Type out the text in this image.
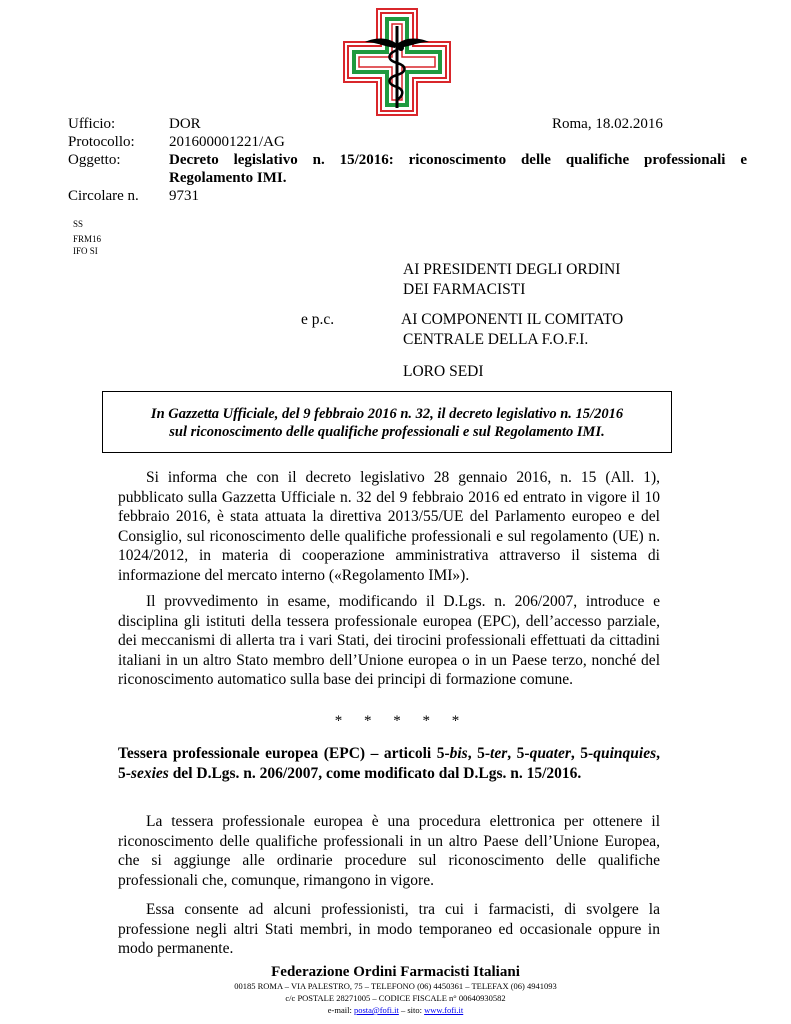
Ufficio:	DOR	Roma, 18.02.2016
Protocollo: 201600001221/AG
Oggetto:	Decreto legislativo n. 15/2016: riconoscimento delle qualifiche professionali e
Regolamento IMI.
Circolare n. 9731
SS
FRM16
IFO SI
AI PRESIDENTI DEGLI ORDINI
DEI FARMACISTI
e p.c.	AI COMPONENTI IL COMITATO
CENTRALE DELLA F.O.F.I.
LORO SEDI
In Gazzetta Ufficiale, del 9 febbraio 2016 n. 32, il decreto legislativo n. 15/2016
sul riconoscimento delle qualifiche professionali e sul Regolamento IMI.
Si informa che con il decreto legislativo 28 gennaio 2016, n. 15 (All. 1), pubblicato sulla Gazzetta Ufficiale n. 32 del 9 febbraio 2016 ed entrato in vigore il 10 febbraio 2016, è stata attuata la direttiva 2013/55/UE del Parlamento europeo e del Consiglio, sul riconoscimento delle qualifiche professionali e sul regolamento (UE) n. 1024/2012, in materia di cooperazione amministrativa attraverso il sistema di informazione del mercato interno («Regolamento IMI»).
Il provvedimento in esame, modificando il D.Lgs. n. 206/2007, introduce e disciplina gli istituti della tessera professionale europea (EPC), dell’accesso parziale, dei meccanismi di allerta tra i vari Stati, dei tirocini professionali effettuati da cittadini italiani in un altro Stato membro dell’Unione europea o in un Paese terzo, nonché del riconoscimento automatico sulla base dei principi di formazione comune.
* * * * *
Tessera professionale europea (EPC) – articoli 5-bis, 5-ter, 5-quater, 5-quinquies, 5-sexies del D.Lgs. n. 206/2007, come modificato dal D.Lgs. n. 15/2016.
La tessera professionale europea è una procedura elettronica per ottenere il riconoscimento delle qualifiche professionali in un altro Paese dell’Unione Europea, che si aggiunge alle ordinarie procedure sul riconoscimento delle qualifiche professionali che, comunque, rimangono in vigore.
Essa consente ad alcuni professionisti, tra cui i farmacisti, di svolgere la professione negli altri Stati membri, in modo temporaneo ed occasionale oppure in modo permanente.
Federazione Ordini Farmacisti Italiani
00185 ROMA – VIA PALESTRO, 75 – TELEFONO (06) 4450361 – TELEFAX (06) 4941093
c/c POSTALE 28271005 – CODICE FISCALE n° 00640930582
e-mail: posta@fofi.it – sito: www.fofi.it
